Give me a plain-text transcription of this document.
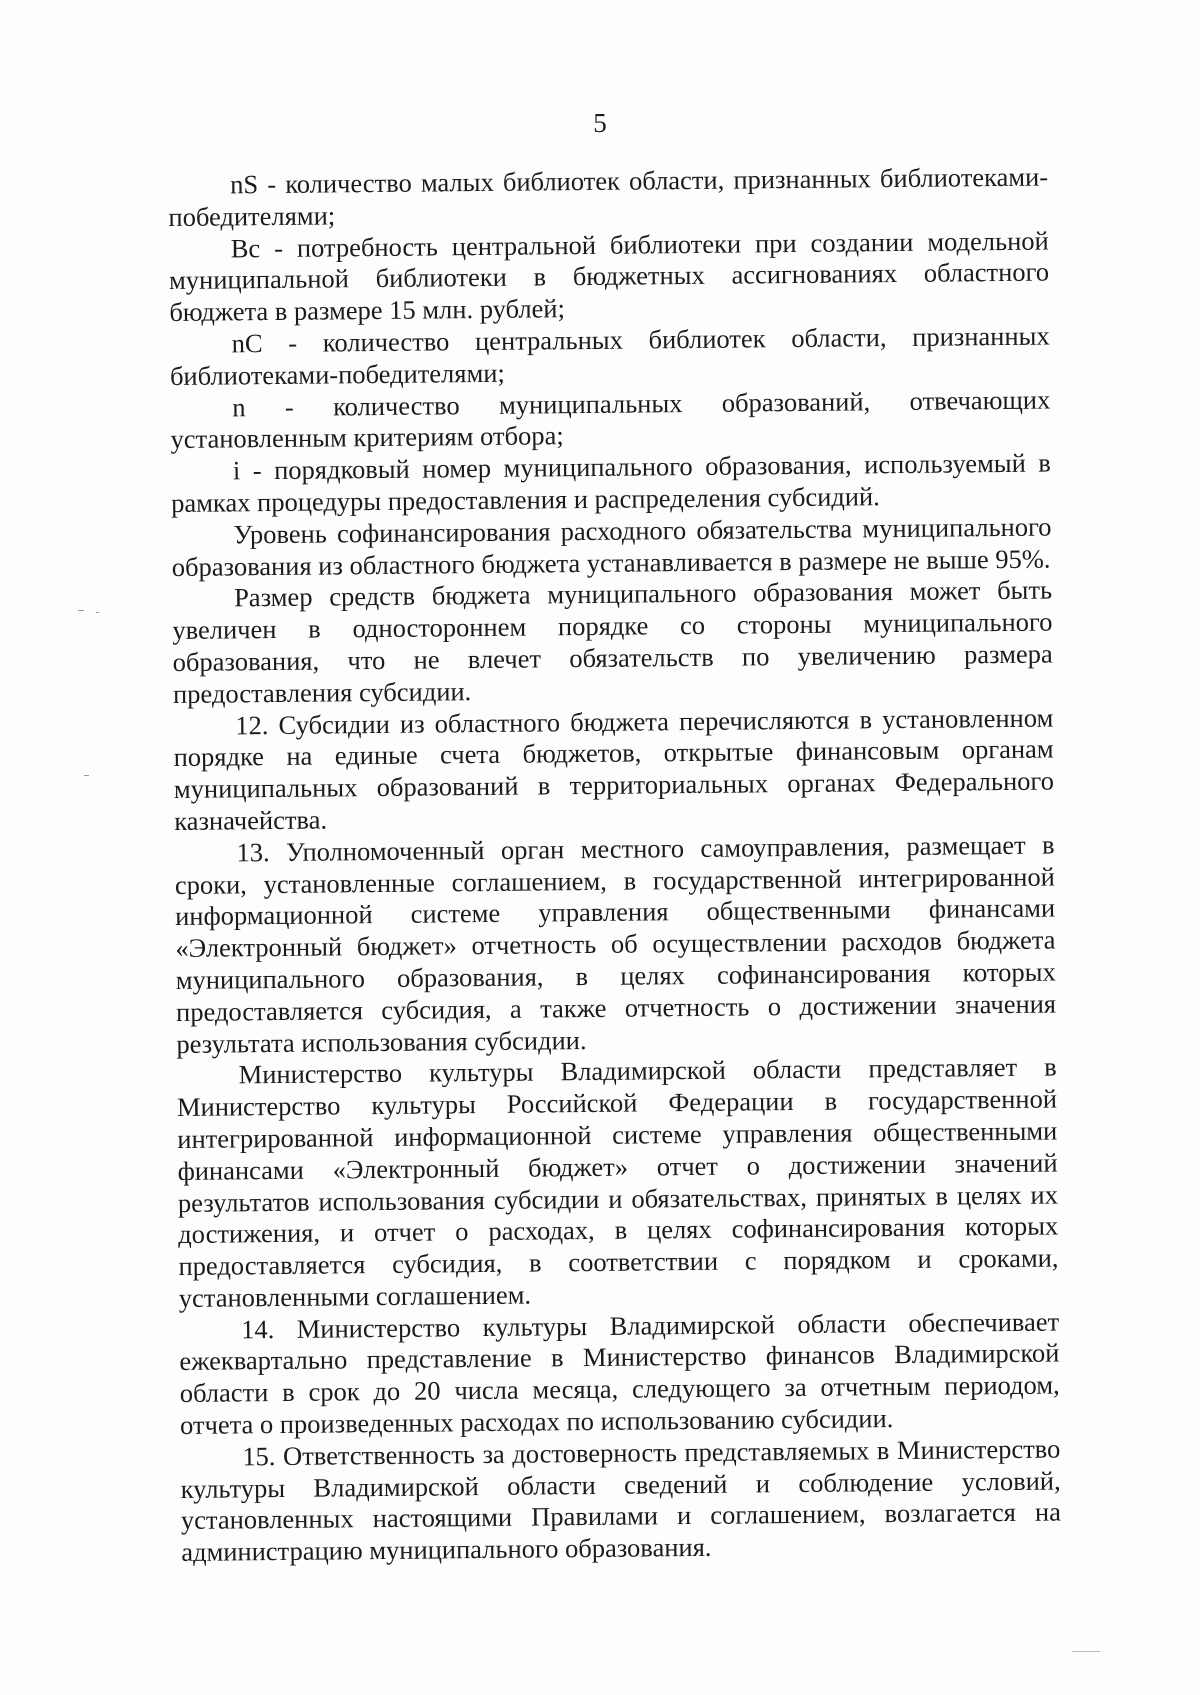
5

nS - количество малых библиотек области, признанных библиотеками-победителями;

Bc - потребность центральной библиотеки при создании модельной муниципальной библиотеки в бюджетных ассигнованиях областного бюджета в размере 15 млн. рублей;

nC - количество центральных библиотек области, признанных библиотеками-победителями;

n - количество муниципальных образований, отвечающих установленным критериям отбора;

i - порядковый номер муниципального образования, используемый в рамках процедуры предоставления и распределения субсидий.

Уровень софинансирования расходного обязательства муниципального образования из областного бюджета устанавливается в размере не выше 95%.

Размер средств бюджета муниципального образования может быть увеличен в одностороннем порядке со стороны муниципального образования, что не влечет обязательств по увеличению размера предоставления субсидии.

12. Субсидии из областного бюджета перечисляются в установленном порядке на единые счета бюджетов, открытые финансовым органам муниципальных образований в территориальных органах Федерального казначейства.

13. Уполномоченный орган местного самоуправления, размещает в сроки, установленные соглашением, в государственной интегрированной информационной системе управления общественными финансами «Электронный бюджет» отчетность об осуществлении расходов бюджета муниципального образования, в целях софинансирования которых предоставляется субсидия, а также отчетность о достижении значения результата использования субсидии.

Министерство культуры Владимирской области представляет в Министерство культуры Российской Федерации в государственной интегрированной информационной системе управления общественными финансами «Электронный бюджет» отчет о достижении значений результатов использования субсидии и обязательствах, принятых в целях их достижения, и отчет о расходах, в целях софинансирования которых предоставляется субсидия, в соответствии с порядком и сроками, установленными соглашением.

14. Министерство культуры Владимирской области обеспечивает ежеквартально представление в Министерство финансов Владимирской области в срок до 20 числа месяца, следующего за отчетным периодом, отчета о произведенных расходах по использованию субсидии.

15. Ответственность за достоверность представляемых в Министерство культуры Владимирской области сведений и соблюдение условий, установленных настоящими Правилами и соглашением, возлагается на администрацию муниципального образования.
